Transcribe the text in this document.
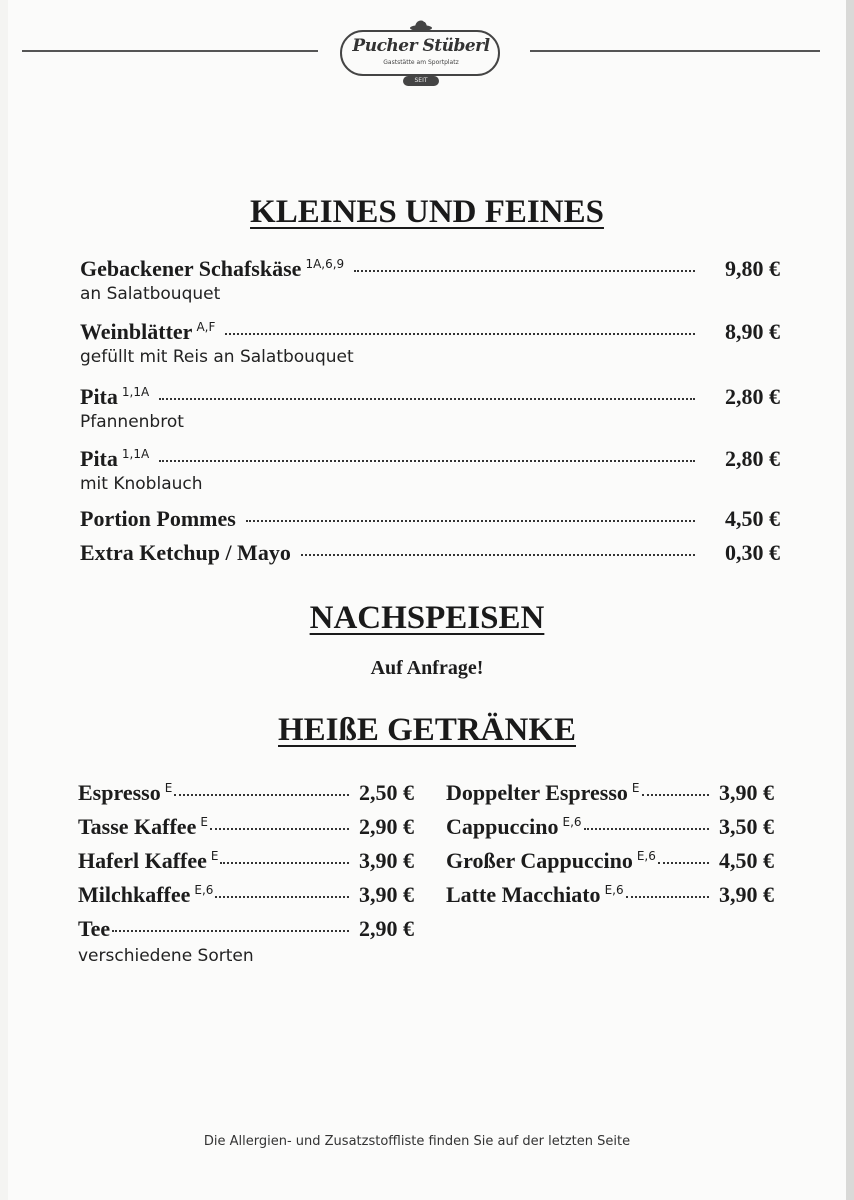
Pucher Stüberl
Gaststätte am Sportplatz
SEIT
KLEINES UND FEINES
Gebackener Schafskäse $^{1A,6,9}$	9,80 €
an Salatbouquet
Weinblätter $^{A,F}$	8,90 €
gefüllt mit Reis an Salatbouquet
Pita $^{1,1A}$	2,80 €
Pfannenbrot
Pita $^{1,1A}$	2,80 €
mit Knoblauch
Portion Pommes	4,50 €
Extra Ketchup / Mayo	0,30 €
NACHSPEISEN
Auf Anfrage!
HEIßE GETRÄNKE
Espresso $^E$	2,50 €
Tasse Kaffee $^E$	2,90 €
Haferl Kaffee $^E$	3,90 €
Milchkaffee $^{E,6}$	3,90 €
Tee	2,90 €
verschiedene Sorten
Doppelter Espresso $^E$	3,90 €
Cappuccino $^{E,6}$	3,50 €
Großer Cappuccino $^{E,6}$	4,50 €
Latte Macchiato $^{E,6}$	3,90 €
Die Allergien- und Zusatzstoffliste finden Sie auf der letzten Seite
